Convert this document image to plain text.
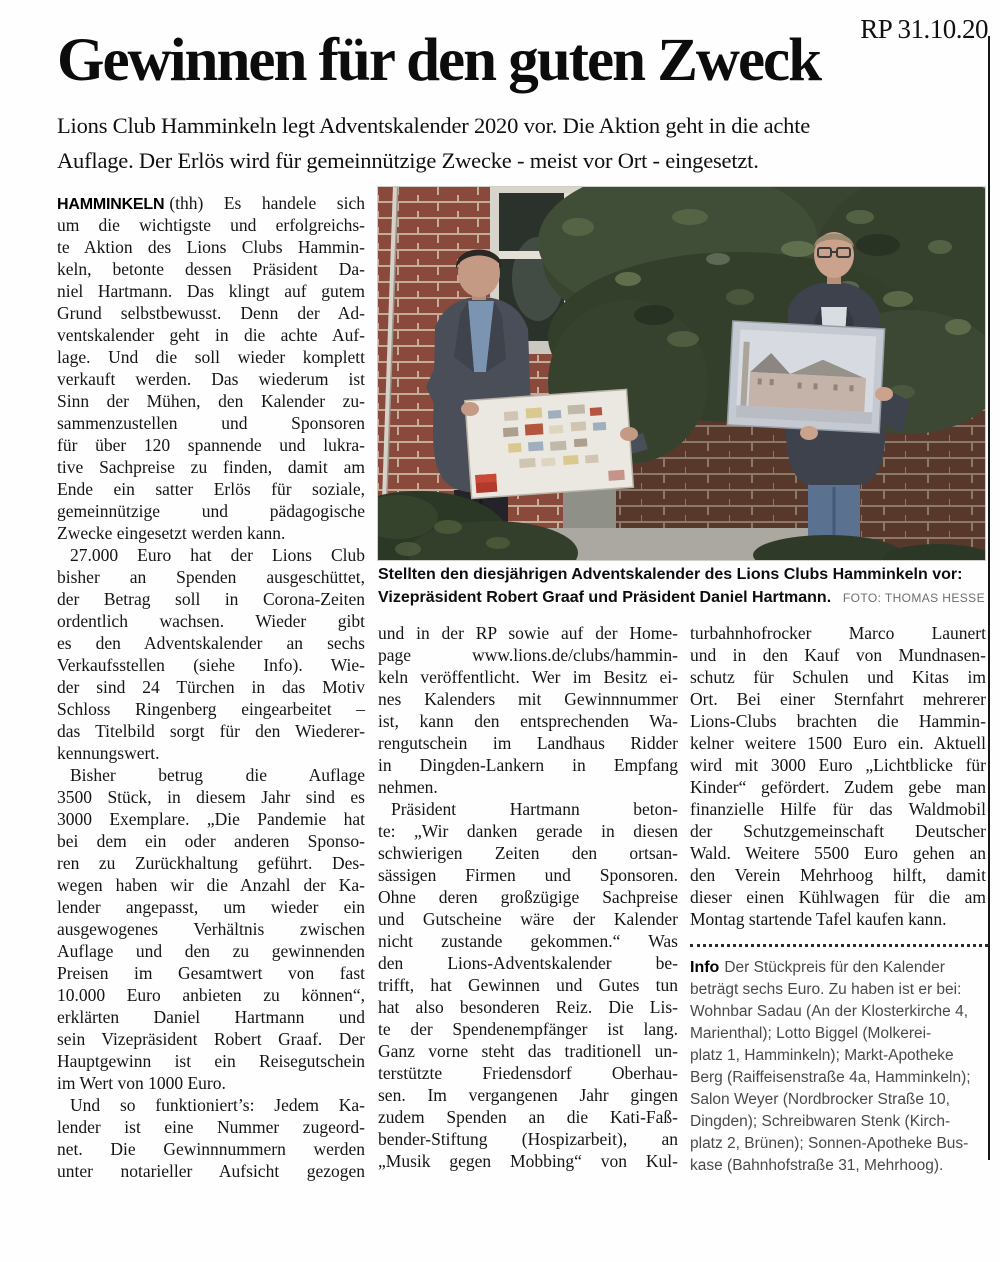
RP 31.10.20
Gewinnen für den guten Zweck
Lions Club Hamminkeln legt Adventskalender 2020 vor. Die Aktion geht in die achte
Auflage. Der Erlös wird für gemeinnützige Zwecke - meist vor Ort - eingesetzt.
Stellten den diesjährigen Adventskalender des Lions Clubs Hamminkeln vor:
Vizepräsident Robert Graaf und Präsident Daniel Hartmann. FOTO: THOMAS HESSE
HAMMINKELN (thh) Es handele sich
um die wichtigste und erfolgreichs-
te Aktion des Lions Clubs Hammin-
keln, betonte dessen Präsident Da-
niel Hartmann. Das klingt auf gutem
Grund selbstbewusst. Denn der Ad-
ventskalender geht in die achte Auf-
lage. Und die soll wieder komplett
verkauft werden. Das wiederum ist
Sinn der Mühen, den Kalender zu-
sammenzustellen und Sponsoren
für über 120 spannende und lukra-
tive Sachpreise zu finden, damit am
Ende ein satter Erlös für soziale,
gemeinnützige und pädagogische
Zwecke eingesetzt werden kann.
27.000 Euro hat der Lions Club
bisher an Spenden ausgeschüttet,
der Betrag soll in Corona-Zeiten
ordentlich wachsen. Wieder gibt
es den Adventskalender an sechs
Verkaufsstellen (siehe Info). Wie-
der sind 24 Türchen in das Motiv
Schloss Ringenberg eingearbeitet –
das Titelbild sorgt für den Wiederer-
kennungswert.
Bisher betrug die Auflage
3500 Stück, in diesem Jahr sind es
3000 Exemplare. „Die Pandemie hat
bei dem ein oder anderen Sponso-
ren zu Zurückhaltung geführt. Des-
wegen haben wir die Anzahl der Ka-
lender angepasst, um wieder ein
ausgewogenes Verhältnis zwischen
Auflage und den zu gewinnenden
Preisen im Gesamtwert von fast
10.000 Euro anbieten zu können“,
erklärten Daniel Hartmann und
sein Vizepräsident Robert Graaf. Der
Hauptgewinn ist ein Reisegutschein
im Wert von 1000 Euro.
Und so funktioniert’s: Jedem Ka-
lender ist eine Nummer zugeord-
net. Die Gewinnnummern werden
unter notarieller Aufsicht gezogen
und in der RP sowie auf der Home-
page www.lions.de/clubs/hammin-
keln veröffentlicht. Wer im Besitz ei-
nes Kalenders mit Gewinnnummer
ist, kann den entsprechenden Wa-
rengutschein im Landhaus Ridder
in Dingden-Lankern in Empfang
nehmen.
Präsident Hartmann beton-
te: „Wir danken gerade in diesen
schwierigen Zeiten den ortsan-
sässigen Firmen und Sponsoren.
Ohne deren großzügige Sachpreise
und Gutscheine wäre der Kalender
nicht zustande gekommen.“ Was
den Lions-Adventskalender be-
trifft, hat Gewinnen und Gutes tun
hat also besonderen Reiz. Die Lis-
te der Spendenempfänger ist lang.
Ganz vorne steht das traditionell un-
terstützte Friedensdorf Oberhau-
sen. Im vergangenen Jahr gingen
zudem Spenden an die Kati-Faß-
bender-Stiftung (Hospizarbeit), an
„Musik gegen Mobbing“ von Kul-
turbahnhofrocker Marco Launert
und in den Kauf von Mundnasen-
schutz für Schulen und Kitas im
Ort. Bei einer Sternfahrt mehrerer
Lions-Clubs brachten die Hammin-
kelner weitere 1500 Euro ein. Aktuell
wird mit 3000 Euro „Lichtblicke für
Kinder“ gefördert. Zudem gebe man
finanzielle Hilfe für das Waldmobil
der Schutzgemeinschaft Deutscher
Wald. Weitere 5500 Euro gehen an
den Verein Mehrhoog hilft, damit
dieser einen Kühlwagen für die am
Montag startende Tafel kaufen kann.
Info Der Stückpreis für den Kalender
beträgt sechs Euro. Zu haben ist er bei:
Wohnbar Sadau (An der Klosterkirche 4,
Marienthal); Lotto Biggel (Molkerei-
platz 1, Hamminkeln); Markt-Apotheke
Berg (Raiffeisenstraße 4a, Hamminkeln);
Salon Weyer (Nordbrocker Straße 10,
Dingden); Schreibwaren Stenk (Kirch-
platz 2, Brünen); Sonnen-Apotheke Bus-
kase (Bahnhofstraße 31, Mehrhoog).
